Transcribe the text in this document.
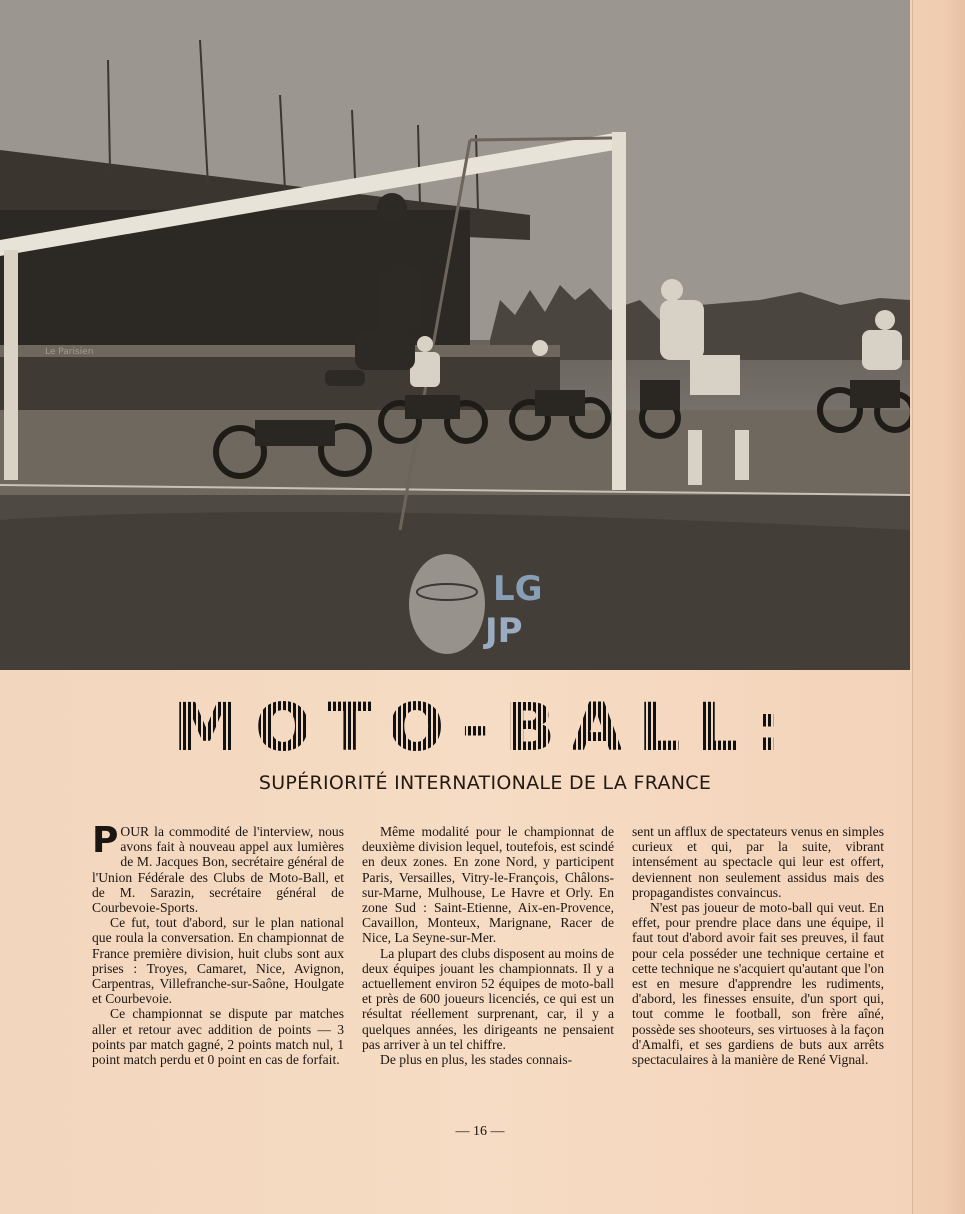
Le Parisien
LG
JP
MOTO-BALL:
SUPÉRIORITÉ INTERNATIONALE DE LA FRANCE

POUR la commodité de l'interview, nous avons fait à nouveau appel aux lumières de M. Jacques Bon, secrétaire général de l'Union Fédérale des Clubs de Moto-Ball, et de M. Sarazin, secrétaire général de Courbevoie-Sports.

Ce fut, tout d'abord, sur le plan national que roula la conversation. En championnat de France première division, huit clubs sont aux prises : Troyes, Camaret, Nice, Avignon, Carpentras, Villefranche-sur-Saône, Houlgate et Courbevoie.

Ce championnat se dispute par matches aller et retour avec addition de points — 3 points par match gagné, 2 points match nul, 1 point match perdu et 0 point en cas de forfait.

Même modalité pour le championnat de deuxième division lequel, toutefois, est scindé en deux zones. En zone Nord, y participent Paris, Versailles, Vitry-le-François, Châlons-sur-Marne, Mulhouse, Le Havre et Orly. En zone Sud : Saint-Etienne, Aix-en-Provence, Cavaillon, Monteux, Marignane, Racer de Nice, La Seyne-sur-Mer.

La plupart des clubs disposent au moins de deux équipes jouant les championnats. Il y a actuellement environ 52 équipes de moto-ball et près de 600 joueurs licenciés, ce qui est un résultat réellement surprenant, car, il y a quelques années, les dirigeants ne pensaient pas arriver à un tel chiffre.

De plus en plus, les stades connais-

sent un afflux de spectateurs venus en simples curieux et qui, par la suite, vibrant intensément au spectacle qui leur est offert, deviennent non seulement assidus mais des propagandistes convaincus.

N'est pas joueur de moto-ball qui veut. En effet, pour prendre place dans une équipe, il faut tout d'abord avoir fait ses preuves, il faut pour cela posséder une technique certaine et cette technique ne s'acquiert qu'autant que l'on est en mesure d'apprendre les rudiments, d'abord, les finesses ensuite, d'un sport qui, tout comme le football, son frère aîné, possède ses shooteurs, ses virtuoses à la façon d'Amalfi, et ses gardiens de buts aux arrêts spectaculaires à la manière de René Vignal.

— 16 —
